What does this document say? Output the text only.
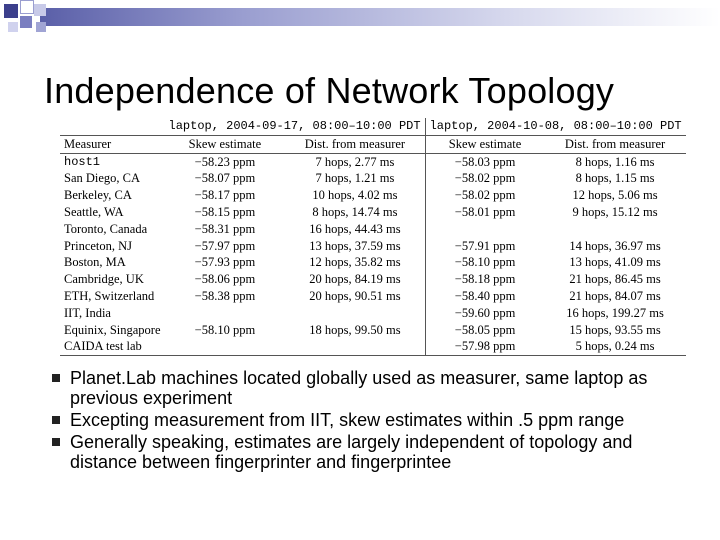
Independence of Network Topology
	laptop, 2004-09-17, 08:00–10:00 PDT		laptop, 2004-10-08, 08:00–10:00 PDT	
Measurer	Skew estimate	Dist. from measurer	Skew estimate	Dist. from measurer
host1	−58.23 ppm	7 hops, 2.77 ms	−58.03 ppm	8 hops, 1.16 ms
San Diego, CA	−58.07 ppm	7 hops, 1.21 ms	−58.02 ppm	8 hops, 1.15 ms
Berkeley, CA	−58.17 ppm	10 hops, 4.02 ms	−58.02 ppm	12 hops, 5.06 ms
Seattle, WA	−58.15 ppm	8 hops, 14.74 ms	−58.01 ppm	9 hops, 15.12 ms
Toronto, Canada	−58.31 ppm	16 hops, 44.43 ms		
Princeton, NJ	−57.97 ppm	13 hops, 37.59 ms	−57.91 ppm	14 hops, 36.97 ms
Boston, MA	−57.93 ppm	12 hops, 35.82 ms	−58.10 ppm	13 hops, 41.09 ms
Cambridge, UK	−58.06 ppm	20 hops, 84.19 ms	−58.18 ppm	21 hops, 86.45 ms
ETH, Switzerland	−58.38 ppm	20 hops, 90.51 ms	−58.40 ppm	21 hops, 84.07 ms
IIT, India			−59.60 ppm	16 hops, 199.27 ms
Equinix, Singapore	−58.10 ppm	18 hops, 99.50 ms	−58.05 ppm	15 hops, 93.55 ms
CAIDA test lab			−57.98 ppm	5 hops, 0.24 ms
Planet.Lab machines located globally used as measurer, same laptop as previous experiment
Excepting measurement from IIT, skew estimates within .5 ppm range
Generally speaking, estimates are largely independent of topology and distance between fingerprinter and fingerprintee
